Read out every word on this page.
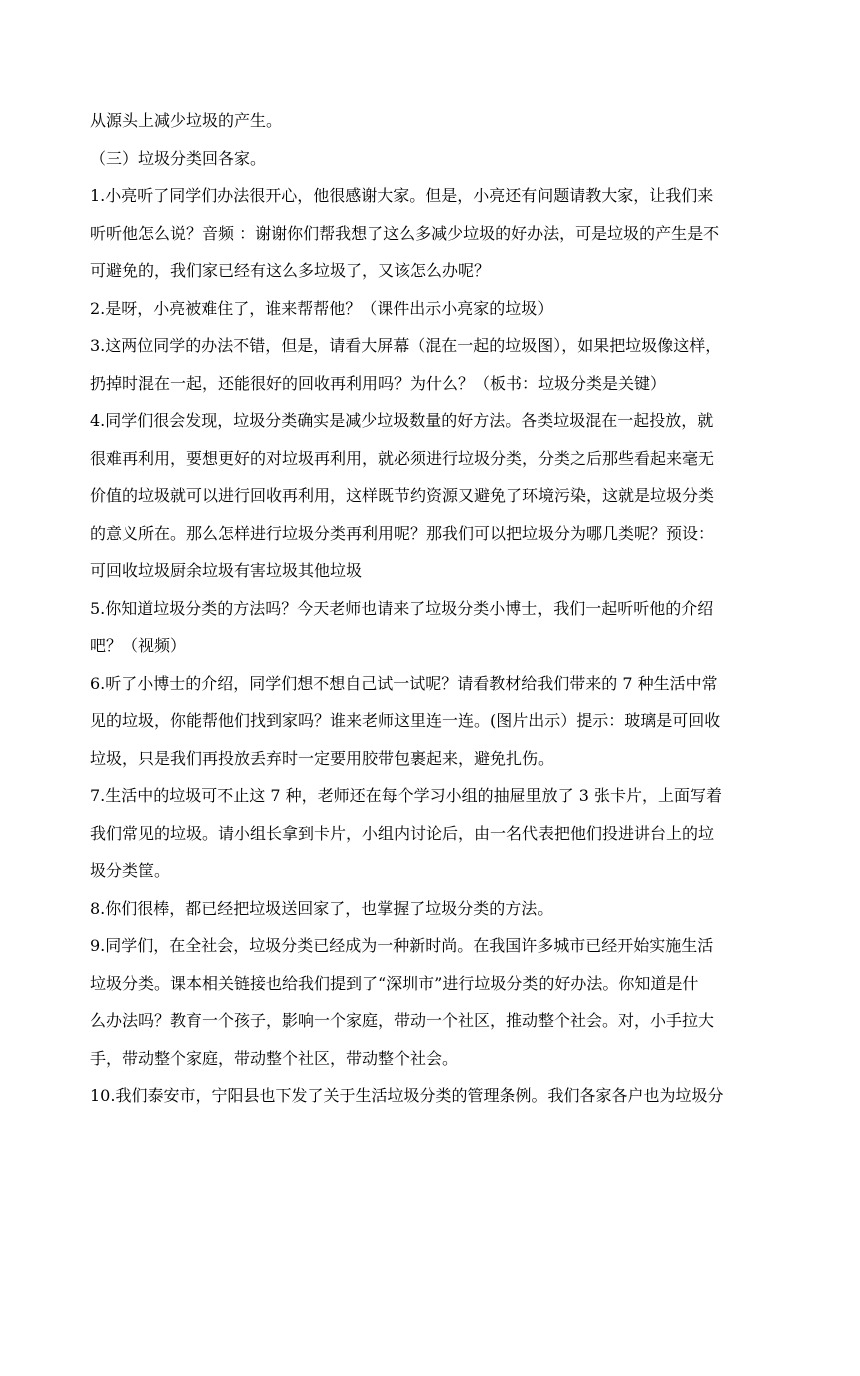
从源头上减少垃圾的产生。
（三）垃圾分类回各家。
1.小亮听了同学们办法很开心，他很感谢大家。但是，小亮还有问题请教大家，让我们来
听听他怎么说？音频 ：谢谢你们帮我想了这么多减少垃圾的好办法，可是垃圾的产生是不
可避免的，我们家已经有这么多垃圾了，又该怎么办呢？
2.是呀，小亮被难住了，谁来帮帮他？（课件出示小亮家的垃圾）
3.这两位同学的办法不错，但是，请看大屏幕（混在一起的垃圾图），如果把垃圾像这样，
扔掉时混在一起，还能很好的回收再利用吗？为什么？（板书：垃圾分类是关键）
4.同学们很会发现，垃圾分类确实是减少垃圾数量的好方法。各类垃圾混在一起投放，就
很难再利用，要想更好的对垃圾再利用，就必须进行垃圾分类，分类之后那些看起来毫无
价值的垃圾就可以进行回收再利用，这样既节约资源又避免了环境污染，这就是垃圾分类
的意义所在。那么怎样进行垃圾分类再利用呢？那我们可以把垃圾分为哪几类呢？预设：
可回收垃圾厨余垃圾有害垃圾其他垃圾
5.你知道垃圾分类的方法吗？今天老师也请来了垃圾分类小博士，我们一起听听他的介绍
吧？（视频）
6.听了小博士的介绍，同学们想不想自己试一试呢？请看教材给我们带来的 7 种生活中常
见的垃圾，你能帮他们找到家吗？谁来老师这里连一连。(图片出示）提示：玻璃是可回收
垃圾，只是我们再投放丢弃时一定要用胶带包裹起来，避免扎伤。
7.生活中的垃圾可不止这 7 种，老师还在每个学习小组的抽屉里放了 3 张卡片，上面写着
我们常见的垃圾。请小组长拿到卡片，小组内讨论后，由一名代表把他们投进讲台上的垃
圾分类筐。
8.你们很棒，都已经把垃圾送回家了，也掌握了垃圾分类的方法。
9.同学们，在全社会，垃圾分类已经成为一种新时尚。在我国许多城市已经开始实施生活
垃圾分类。课本相关链接也给我们提到了“深圳市”进行垃圾分类的好办法。你知道是什
么办法吗？教育一个孩子，影响一个家庭，带动一个社区，推动整个社会。对，小手拉大
手，带动整个家庭，带动整个社区，带动整个社会。
10.我们泰安市，宁阳县也下发了关于生活垃圾分类的管理条例。我们各家各户也为垃圾分
